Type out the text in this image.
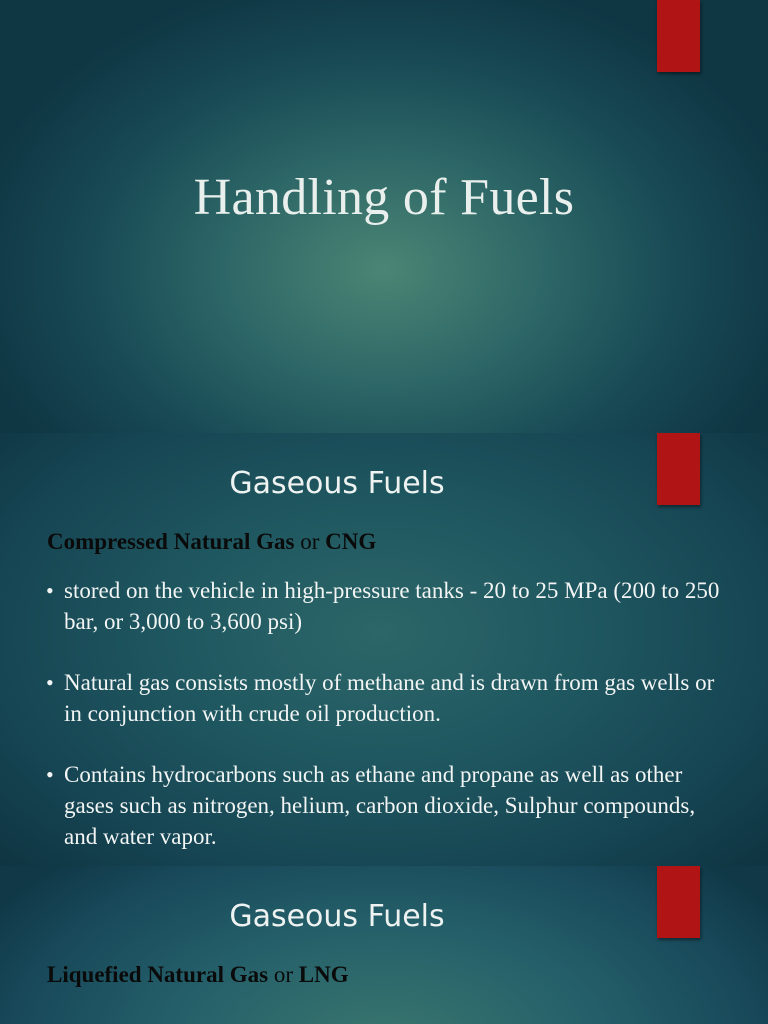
Handling of Fuels
Gaseous Fuels

Compressed Natural Gas or CNG

• stored on the vehicle in high-pressure tanks - 20 to 25 MPa (200 to 250 bar, or 3,000 to 3,600 psi)
• Natural gas consists mostly of methane and is drawn from gas wells or in conjunction with crude oil production.
• Contains hydrocarbons such as ethane and propane as well as other gases such as nitrogen, helium, carbon dioxide, Sulphur compounds, and water vapor.
Gaseous Fuels

Liquefied Natural Gas or LNG
